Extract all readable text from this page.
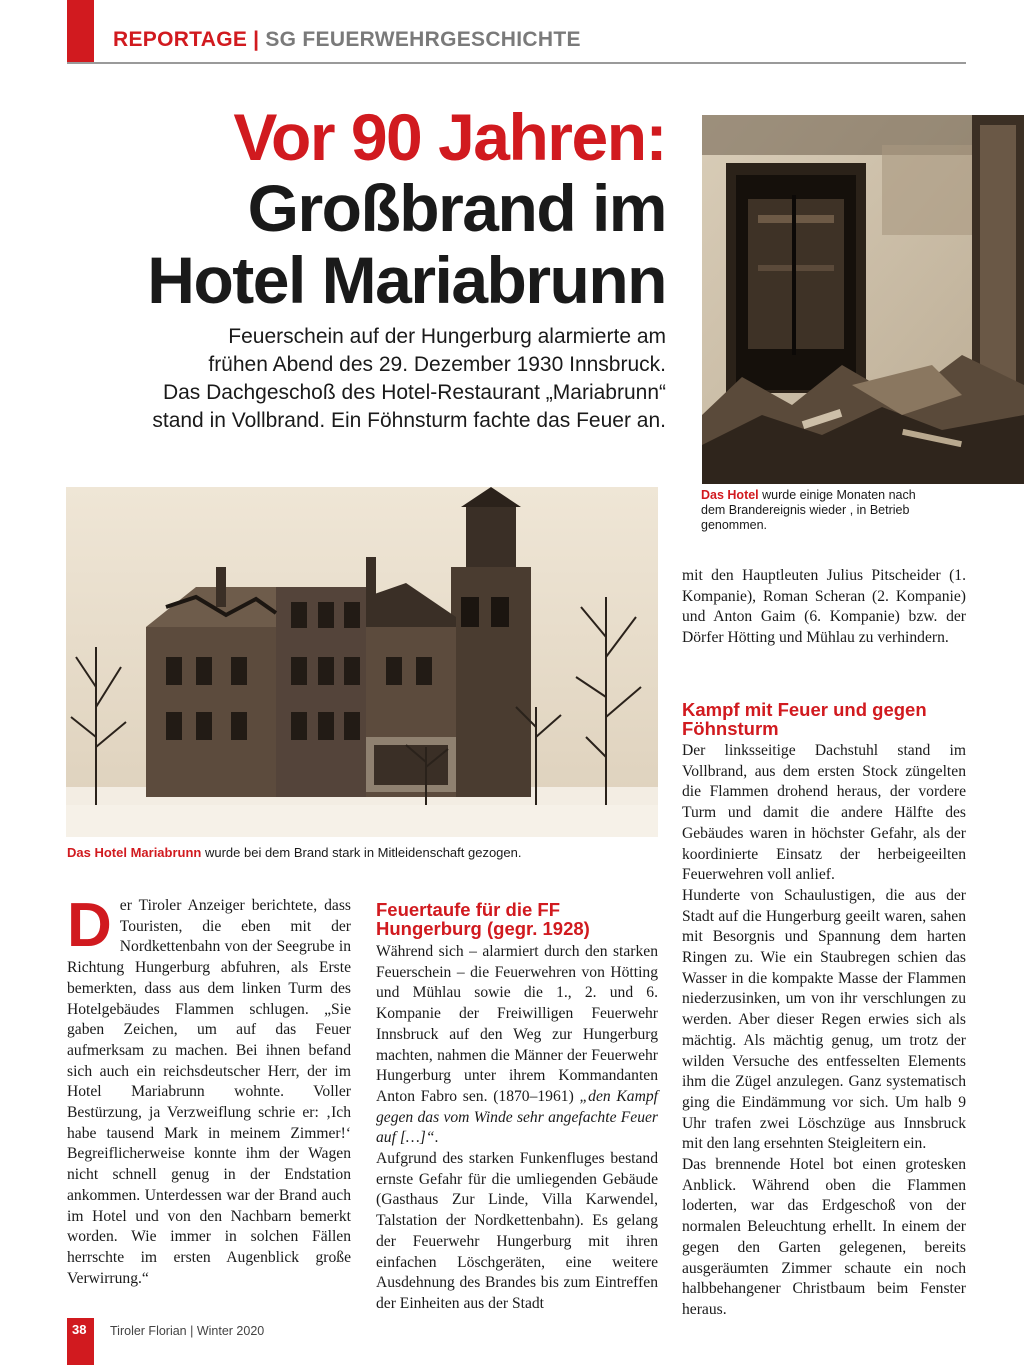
REPORTAGE | SG FEUERWEHRGESCHICHTE
Vor 90 Jahren:
Großbrand im
Hotel Mariabrunn
Feuerschein auf der Hungerburg alarmierte am
frühen Abend des 29. Dezember 1930 Innsbruck.
Das Dachgeschoß des Hotel-Restaurant „Mariabrunn“
stand in Vollbrand. Ein Föhnsturm fachte das Feuer an.
Das Hotel wurde einige Monaten nach dem Brandereignis wieder , in Betrieb genommen.
Das Hotel Mariabrunn wurde bei dem Brand stark in Mitleidenschaft gezogen.
D er Tiroler Anzeiger berichtete, dass Touristen, die eben mit der Nordkettenbahn von der Seegrube in Richtung Hungerburg abfuhren, als Erste bemerkten, dass aus dem linken Turm des Hotelgebäudes Flammen schlugen. „Sie gaben Zeichen, um auf das Feuer aufmerksam zu machen. Bei ihnen befand sich auch ein reichsdeutscher Herr, der im Hotel Mariabrunn wohnte. Voller Bestürzung, ja Verzweiflung schrie er: ‚Ich habe tausend Mark in meinem Zimmer!‘ Begreiflicherweise konnte ihm der Wagen nicht schnell genug in der Endstation ankommen. Unterdessen war der Brand auch im Hotel und von den Nachbarn bemerkt worden. Wie immer in solchen Fällen herrschte im ersten Augenblick große Verwirrung.“

Feuertaufe für die FF Hungerburg (gegr. 1928)

Während sich – alarmiert durch den starken Feuerschein – die Feuerwehren von Hötting und Mühlau sowie die 1., 2. und 6. Kompanie der Freiwilligen Feuerwehr Innsbruck auf den Weg zur Hungerburg machten, nahmen die Männer der Feuerwehr Hungerburg unter ihrem Kommandanten Anton Fabro sen. (1870–1961) „den Kampf gegen das vom Winde sehr angefachte Feuer auf […]“.

Aufgrund des starken Funkenfluges bestand ernste Gefahr für die umliegenden Gebäude (Gasthaus Zur Linde, Villa Karwendel, Talstation der Nordkettenbahn). Es gelang der Feuerwehr Hungerburg mit ihren einfachen Löschgeräten, eine weitere Ausdehnung des Brandes bis zum Eintreffen der Einheiten aus der Stadt

mit den Hauptleuten Julius Pitscheider (1. Kompanie), Roman Scheran (2. Kompanie) und Anton Gaim (6. Kompanie) bzw. der Dörfer Hötting und Mühlau zu verhindern.

Kampf mit Feuer und gegen Föhnsturm

Der linksseitige Dachstuhl stand im Vollbrand, aus dem ersten Stock züngelten die Flammen drohend heraus, der vordere Turm und damit die andere Hälfte des Gebäudes waren in höchster Gefahr, als der koordinierte Einsatz der herbeigeeilten Feuerwehren voll anlief.

Hunderte von Schaulustigen, die aus der Stadt auf die Hungerburg geeilt waren, sahen mit Besorgnis und Spannung dem harten Ringen zu. Wie ein Staubregen schien das Wasser in die kompakte Masse der Flammen niederzusinken, um von ihr verschlungen zu werden. Aber dieser Regen erwies sich als mächtig. Als mächtig genug, um trotz der wilden Versuche des entfesselten Elements ihm die Zügel anzulegen. Ganz systematisch ging die Eindämmung vor sich. Um halb 9 Uhr trafen zwei Löschzüge aus Innsbruck mit den lang ersehnten Steigleitern ein.

Das brennende Hotel bot einen grotesken Anblick. Während oben die Flammen loderten, war das Erdgeschoß von der normalen Beleuchtung erhellt. In einem der gegen den Garten gelegenen, bereits ausgeräumten Zimmer schaute ein noch halbbehangener Christbaum beim Fenster heraus.

38 Tiroler Florian | Winter 2020
